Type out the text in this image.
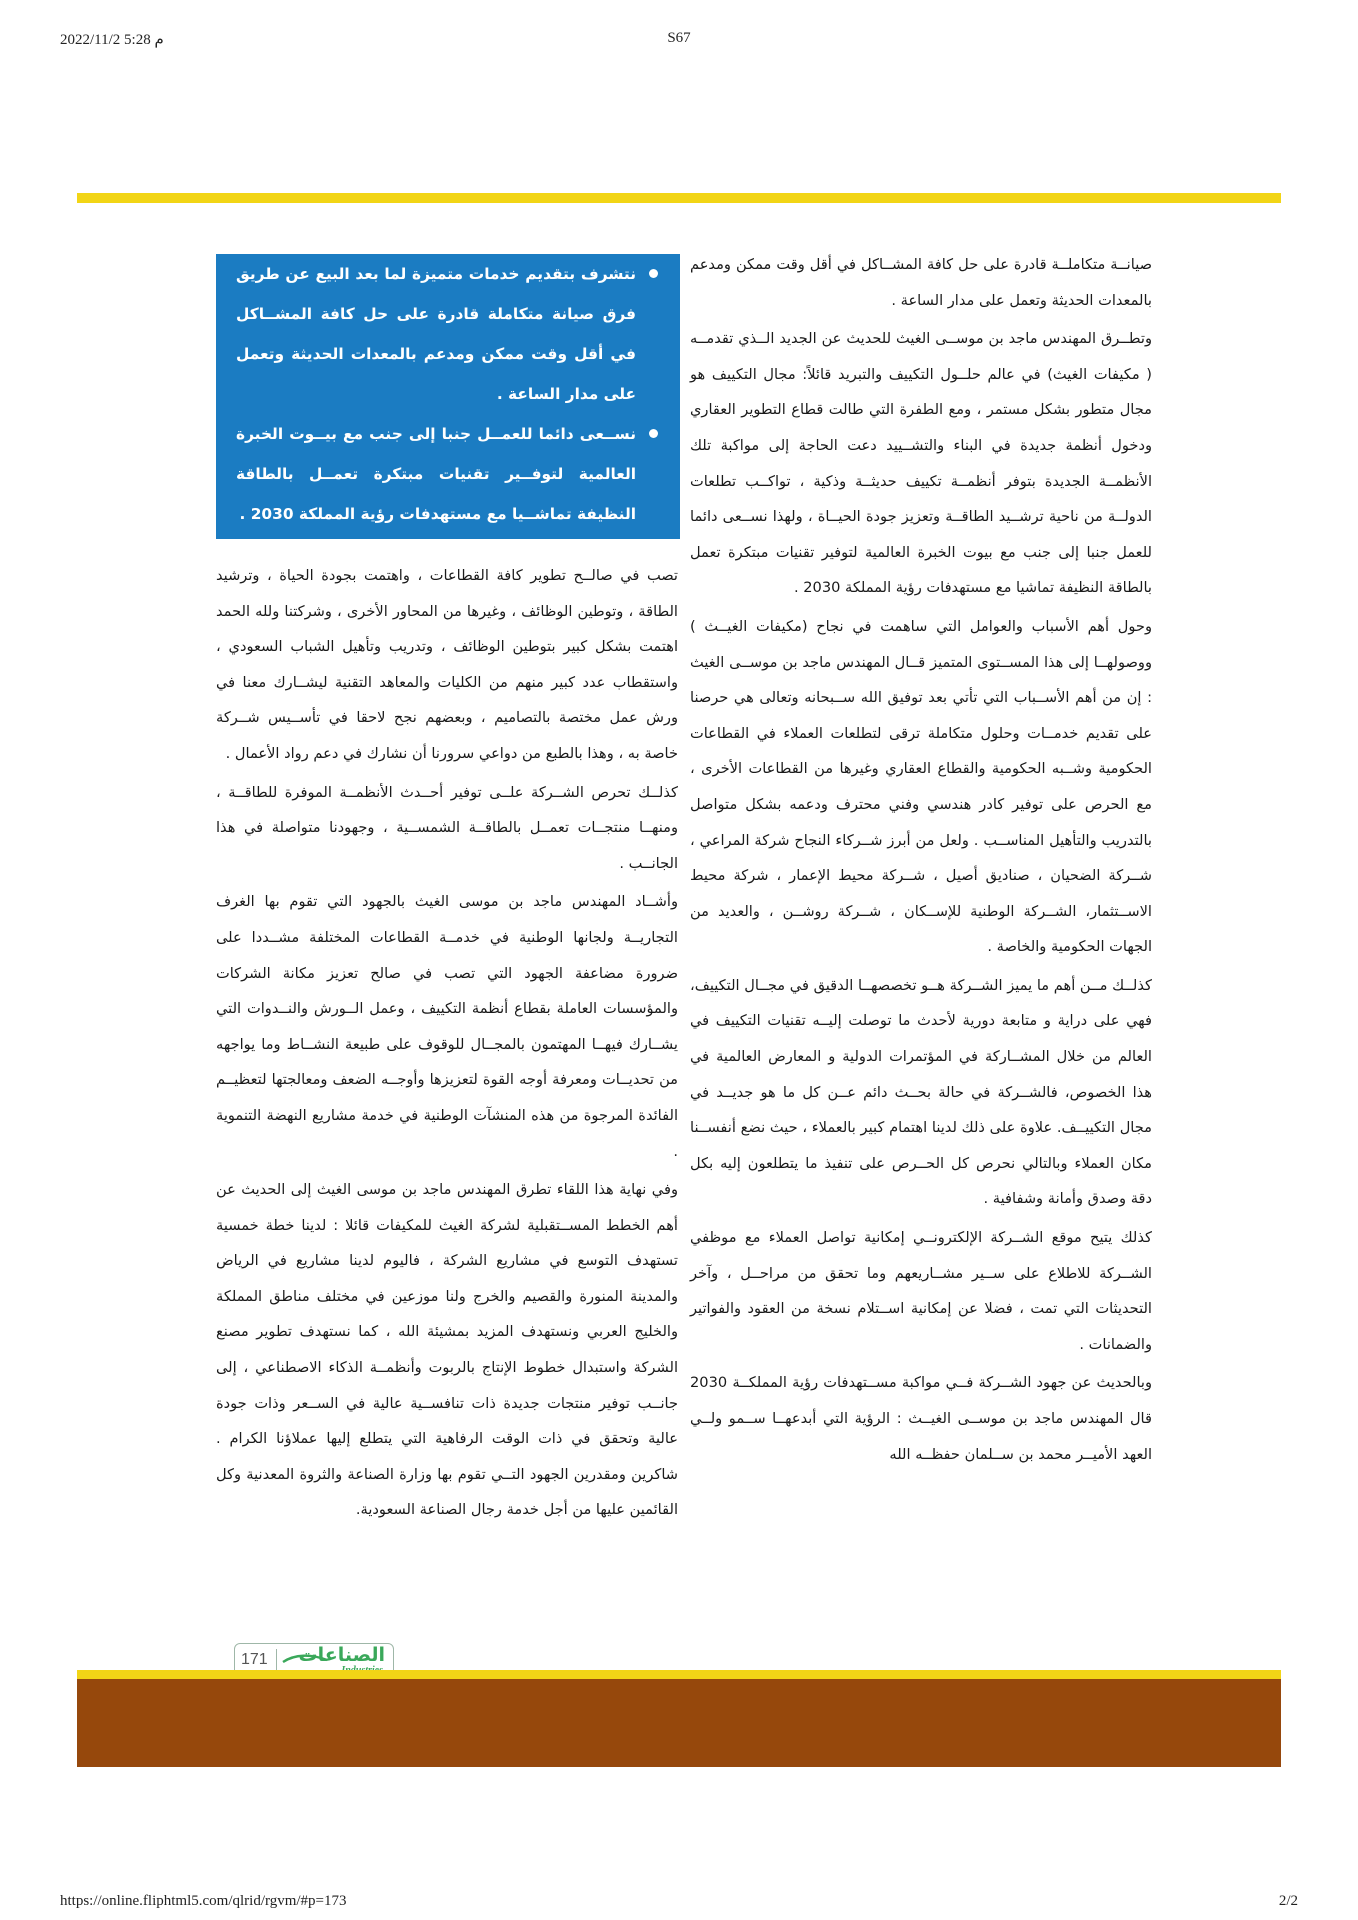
2022/11/2 5:28 م	S67

صيانــة متكاملــة قادرة على حل كافة المشــاكل في أقل وقت ممكن ومدعم بالمعدات الحديثة وتعمل على مدار الساعة .

وتطــرق المهندس ماجد بن موســى الغيث للحديث عن الجديد الــذي تقدمــه ( مكيفات الغيث) في عالم حلــول التكييف والتبريد قائلاً: مجال التكييف هو مجال متطور بشكل مستمر ، ومع الطفرة التي طالت قطاع التطوير العقاري ودخول أنظمة جديدة في البناء والتشــييد دعت الحاجة إلى مواكبة تلك الأنظمــة الجديدة بتوفر أنظمــة تكييف حديثــة وذكية ، تواكــب تطلعات الدولــة من ناحية ترشــيد الطاقــة وتعزيز جودة الحيــاة ، ولهذا نســعى دائما للعمل جنبا إلى جنب مع بيوت الخبرة العالمية لتوفير تقنيات مبتكرة تعمل بالطاقة النظيفة تماشيا مع مستهدفات رؤية المملكة 2030 .

وحول أهم الأسباب والعوامل التي ساهمت في نجاح (مكيفات الغيــث ) ووصولهــا إلى هذا المســتوى المتميز قــال المهندس ماجد بن موســى الغيث : إن من أهم الأســباب التي تأتي بعد توفيق الله ســبحانه وتعالى هي حرصنا على تقديم خدمــات وحلول متكاملة ترقى لتطلعات العملاء في القطاعات الحكومية وشــبه الحكومية والقطاع العقاري وغيرها من القطاعات الأخرى ، مع الحرص على توفير كادر هندسي وفني محترف ودعمه بشكل متواصل بالتدريب والتأهيل المناســب . ولعل من أبرز شــركاء النجاح شركة المراعي ، شــركة الضحيان ، صناديق أصيل ، شــركة محيط الإعمار ، شركة محيط الاســتثمار، الشــركة الوطنية للإســكان ، شــركة روشــن ، والعديد من الجهات الحكومية والخاصة .

كذلــك مــن أهم ما يميز الشــركة هــو تخصصهــا الدقيق في مجــال التكييف، فهي على دراية و متابعة دورية لأحدث ما توصلت إليــه تقنيات التكييف في العالم من خلال المشــاركة في المؤتمرات الدولية و المعارض العالمية في هذا الخصوص، فالشــركة في حالة بحــث دائم عــن كل ما هو جديــد في مجال التكييــف. علاوة على ذلك لدينا اهتمام كبير بالعملاء ، حيث نضع أنفســنا مكان العملاء وبالتالي نحرص كل الحــرص على تنفيذ ما يتطلعون إليه بكل دقة وصدق وأمانة وشفافية .

كذلك يتيح موقع الشــركة الإلكترونــي إمكانية تواصل العملاء مع موظفي الشــركة للاطلاع على ســير مشــاريعهم وما تحقق من مراحــل ، وآخر التحديثات التي تمت ، فضلا عن إمكانية اســتلام نسخة من العقود والفواتير والضمانات .

وبالحديث عن جهود الشــركة فــي مواكبة مســتهدفات رؤية المملكــة 2030 قال المهندس ماجد بن موســى الغيــث : الرؤية التي أبدعهــا ســمو ولــي العهد الأميــر محمد بن ســلمان حفظــه الله

نتشرف بتقديم خدمات متميزة لما بعد البيع عن طريق فرق صيانة متكاملة قادرة على حل كافة المشــاكل في أقل وقت ممكن ومدعم بالمعدات الحديثة وتعمل على مدار الساعة .
نســعى دائما للعمــل جنبا إلى جنب مع بيــوت الخبرة العالمية لتوفــير تقنيات مبتكرة تعمــل بالطاقة النظيفة تماشــيا مع مستهدفات رؤية المملكة 2030 .

تصب في صالــح تطوير كافة القطاعات ، واهتمت بجودة الحياة ، وترشيد الطاقة ، وتوطين الوظائف ، وغيرها من المحاور الأخرى ، وشركتنا ولله الحمد اهتمت بشكل كبير بتوطين الوظائف ، وتدريب وتأهيل الشباب السعودي ، واستقطاب عدد كبير منهم من الكليات والمعاهد التقنية ليشــارك معنا في ورش عمل مختصة بالتصاميم ، وبعضهم نجح لاحقا في تأســيس شــركة خاصة به ، وهذا بالطبع من دواعي سرورنا أن نشارك في دعم رواد الأعمال .

كذلــك تحرص الشــركة علــى توفير أحــدث الأنظمــة الموفرة للطاقــة ، ومنهــا منتجــات تعمــل بالطاقــة الشمســية ، وجهودنا متواصلة في هذا الجانــب .

وأشــاد المهندس ماجد بن موسى الغيث بالجهود التي تقوم بها الغرف التجاريــة ولجانها الوطنية في خدمــة القطاعات المختلفة مشــددا على ضرورة مضاعفة الجهود التي تصب في صالح تعزيز مكانة الشركات والمؤسسات العاملة بقطاع أنظمة التكييف ، وعمل الــورش والنــدوات التي يشــارك فيهــا المهتمون بالمجــال للوقوف على طبيعة النشــاط وما يواجهه من تحديــات ومعرفة أوجه القوة لتعزيزها وأوجــه الضعف ومعالجتها لتعظيــم الفائدة المرجوة من هذه المنشآت الوطنية في خدمة مشاريع النهضة التنموية .

وفي نهاية هذا اللقاء تطرق المهندس ماجد بن موسى الغيث إلى الحديث عن أهم الخطط المســتقبلية لشركة الغيث للمكيفات قائلا : لدينا خطة خمسية تستهدف التوسع في مشاريع الشركة ، فاليوم لدينا مشاريع في الرياض والمدينة المنورة والقصيم والخرج ولنا موزعين في مختلف مناطق المملكة والخليج العربي ونستهدف المزيد بمشيئة الله ، كما نستهدف تطوير مصنع الشركة واستبدال خطوط الإنتاج بالربوت وأنظمــة الذكاء الاصطناعي ، إلى جانــب توفير منتجات جديدة ذات تنافســية عالية في الســعر وذات جودة عالية وتحقق في ذات الوقت الرفاهية التي يتطلع إليها عملاؤنا الكرام . شاكرين ومقدرين الجهود التــي تقوم بها وزارة الصناعة والثروة المعدنية وكل القائمين عليها من أجل خدمة رجال الصناعة السعودية.

171 الصناعات
https://online.fliphtml5.com/qlrid/rgvm/#p=173	2/2
